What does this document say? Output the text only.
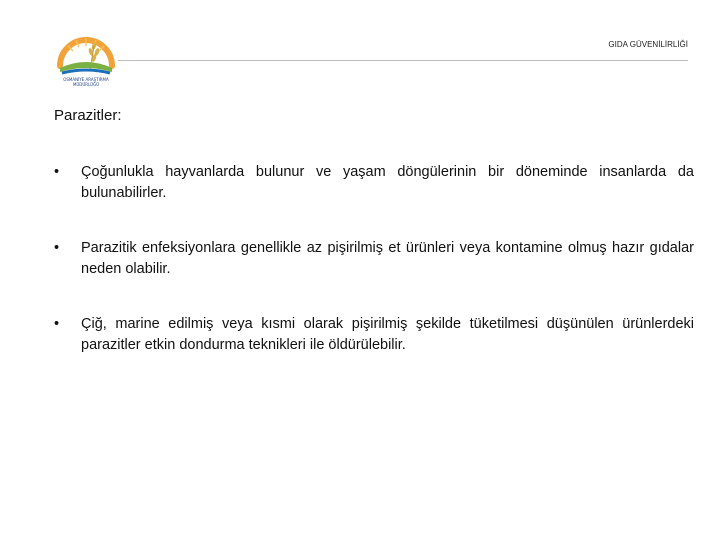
OSMANİYE ARAŞTIRMA
MÜDÜRLÜĞÜ
GIDA GÜVENİLİRLİĞİ
Parazitler:
• Çoğunlukla hayvanlarda bulunur ve yaşam döngülerinin bir döneminde insanlarda da bulunabilirler.
• Parazitik enfeksiyonlara genellikle az pişirilmiş et ürünleri veya kontamine olmuş hazır gıdalar neden olabilir.
• Çiğ, marine edilmiş veya kısmi olarak pişirilmiş şekilde tüketilmesi düşünülen ürünlerdeki parazitler etkin dondurma teknikleri ile öldürülebilir.
